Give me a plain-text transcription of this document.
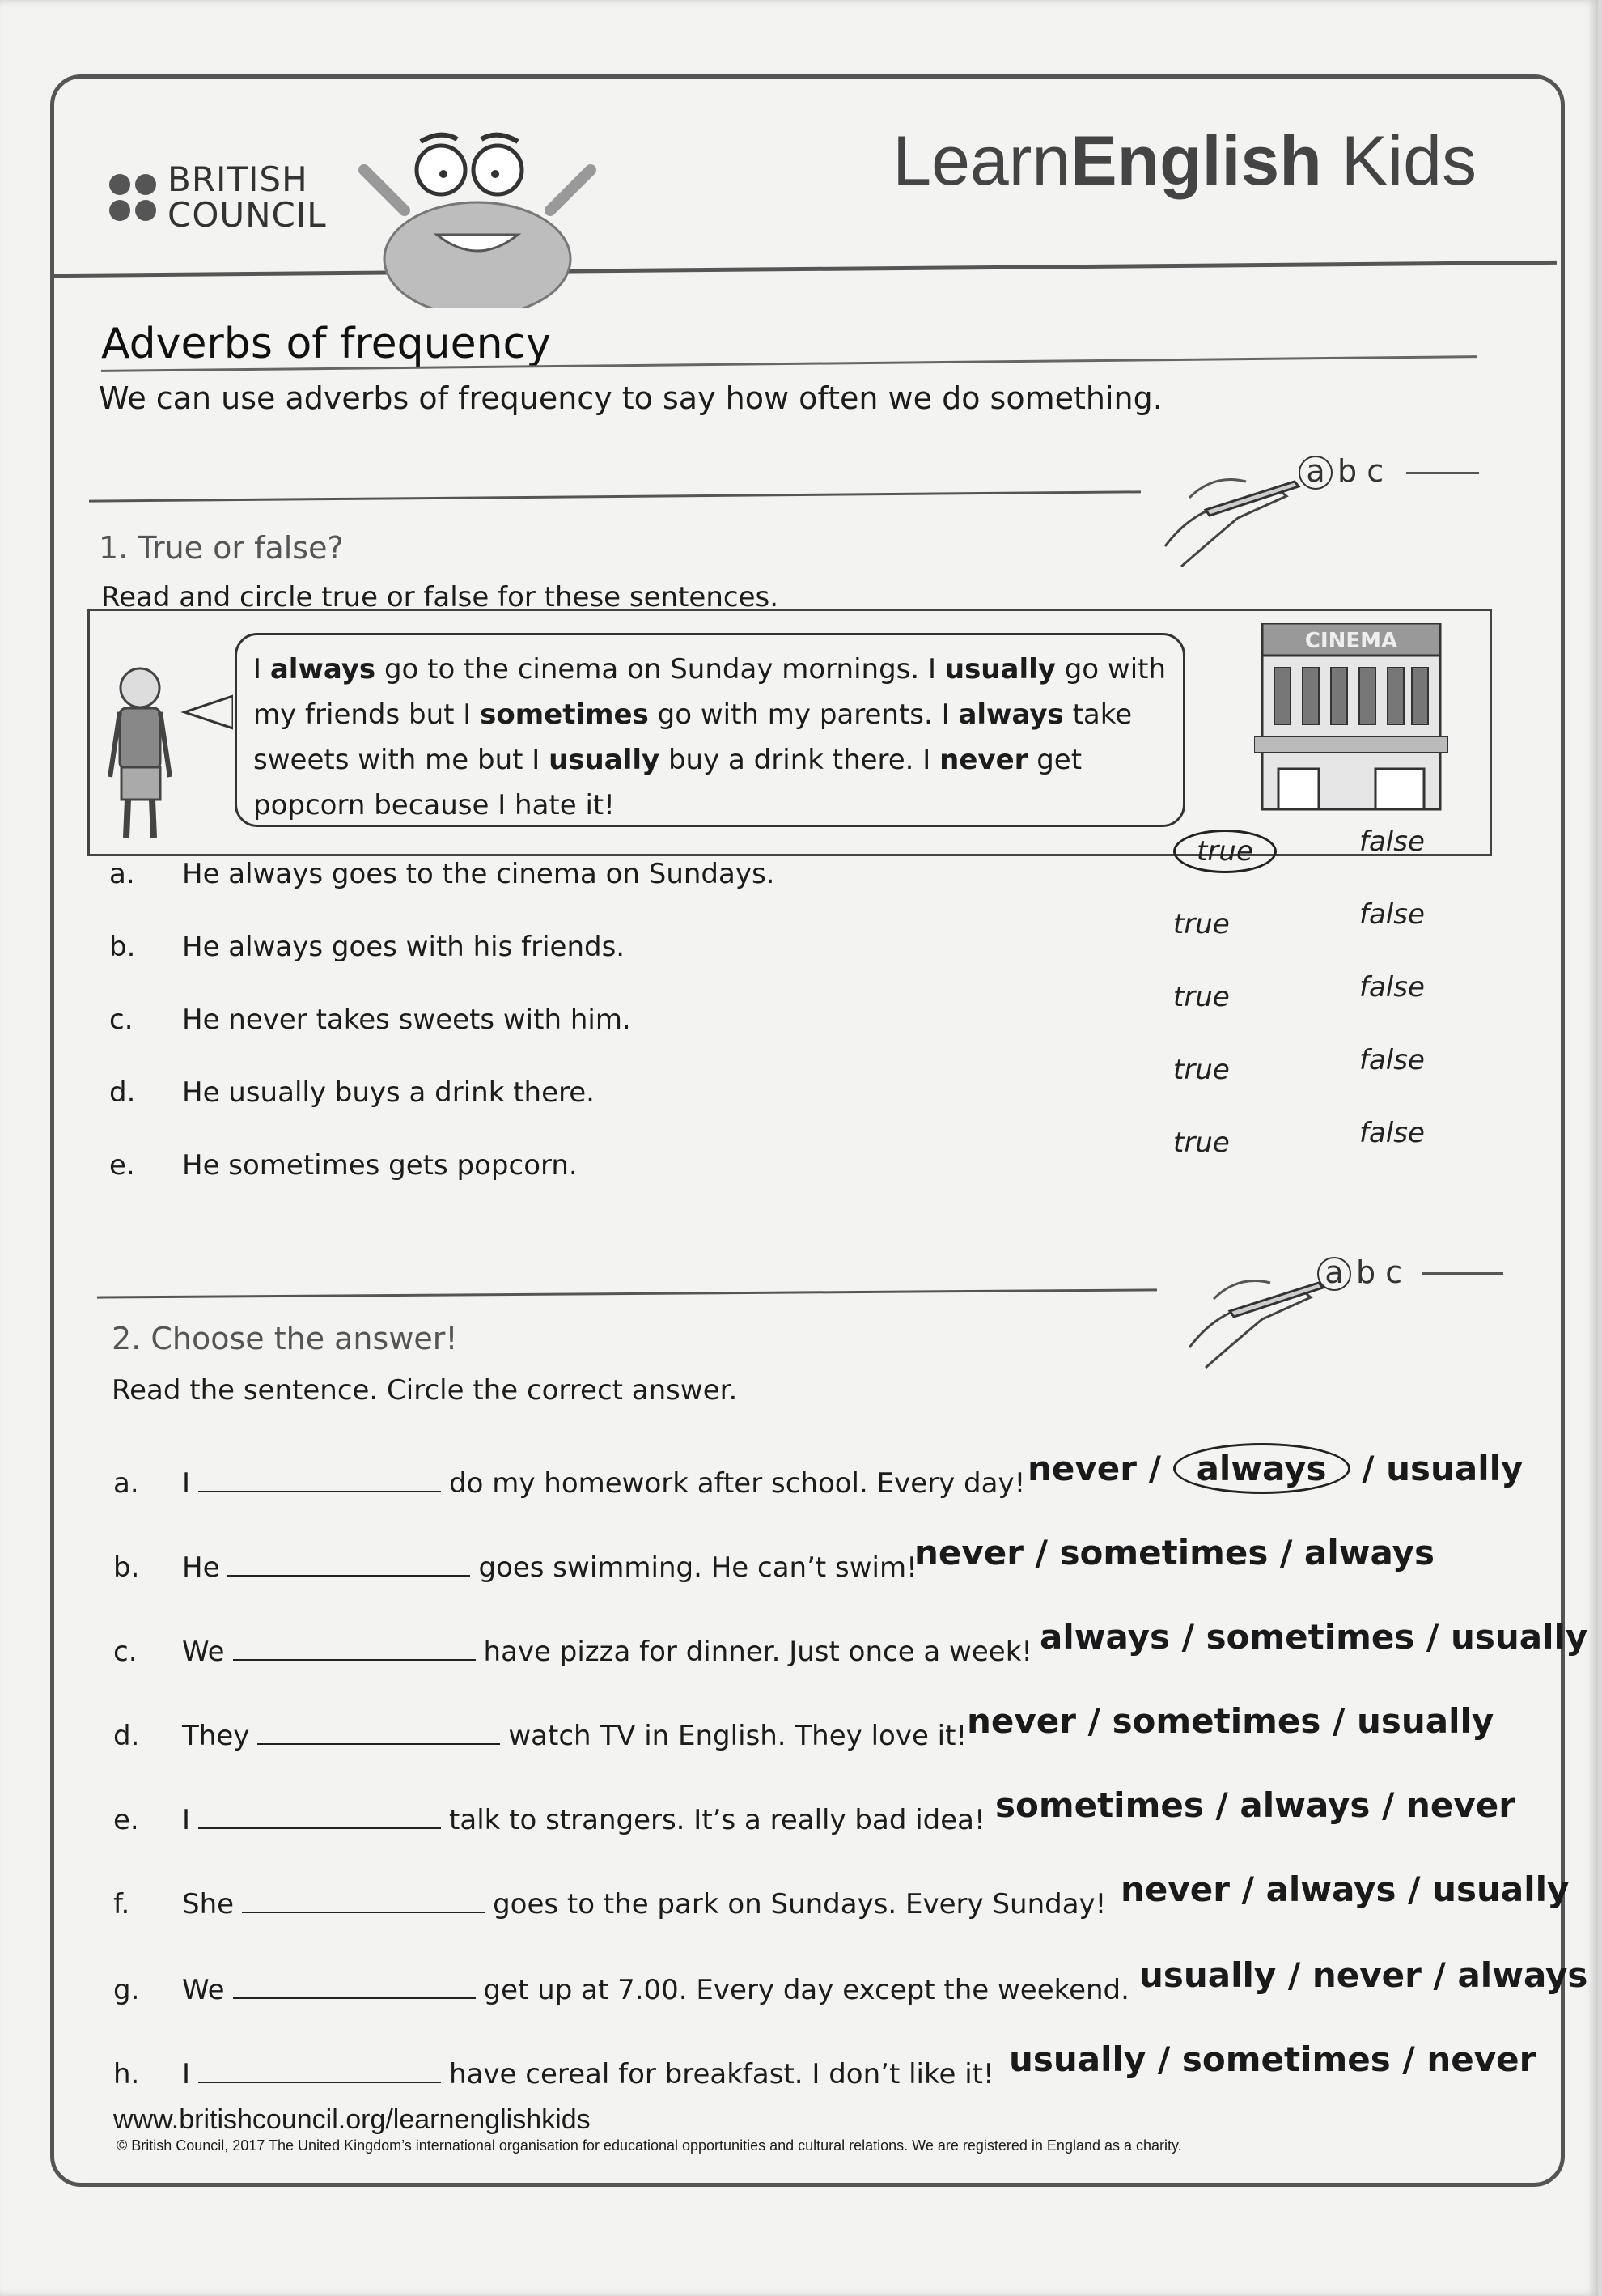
BRITISH
COUNCIL
LearnEnglish Kids
Adverbs of frequency
We can use adverbs of frequency to say how often we do something.
a b c
1. True or false?
Read and circle true or false for these sentences.
I always go to the cinema on Sunday mornings. I usually go with my friends but I sometimes go with my parents. I always take sweets with me but I usually buy a drink there. I never get popcorn because I hate it!
CINEMA
a. He always goes to the cinema on Sundays.
true	false
b. He always goes with his friends.
true	false
c. He never takes sweets with him.
true	false
d. He usually buys a drink there.
true	false
e. He sometimes gets popcorn.
true	false
a b c
2. Choose the answer!
Read the sentence. Circle the correct answer.
a. I	do my homework after school. Every day! never / always / usually
b. He	goes swimming. He can’t swim!
never / sometimes / always
c. We	have pizza for dinner. Just once a week! always / sometimes / usually
d. They	watch TV in English. They love it! never / sometimes / usually
e. I	talk to strangers. It’s a really bad idea! sometimes / always / never
f. She	goes to the park on Sundays. Every Sunday! never / always / usually
g. We	get up at 7.00. Every day except the weekend. usually / never / always
h. I	have cereal for breakfast. I don’t like it! usually / sometimes / never
www.britishcouncil.org/learnenglishkids
© British Council, 2017 The United Kingdom’s international organisation for educational opportunities and cultural relations. We are registered in England as a charity.
